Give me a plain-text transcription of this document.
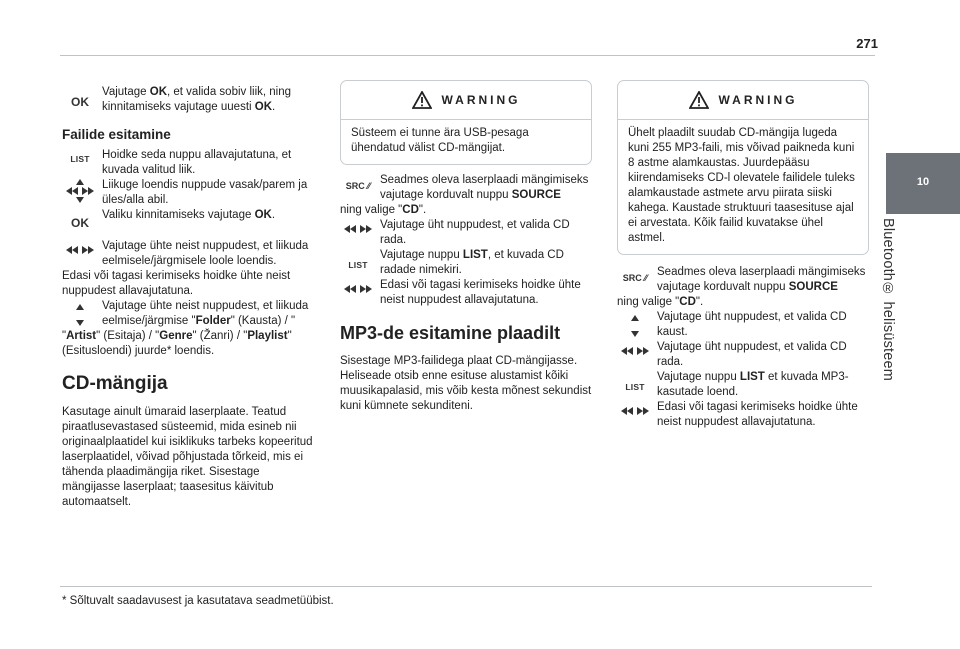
271
10
Bluetooth® helisüsteem
OK
Vajutage OK, et valida sobiv liik, ning kinnitamiseks vajutage uuesti OK.
Failide esitamine
LIST	Hoidke seda nuppu allavajutatuna, et kuvada valitud liik.
Liikuge loendis nuppude vasak/parem ja üles/alla abil.
OK
Valiku kinnitamiseks vajutage OK.
Vajutage ühte neist nuppudest, et liikuda eelmisele/järgmisele loole loendis.
Edasi või tagasi kerimiseks hoidke ühte neist nuppudest allavajutatuna.
Vajutage ühte neist nuppudest, et liikuda eelmise/järgmise "Folder" (Kausta) / "
"Artist" (Esitaja) / "Genre" (Žanri) / "Playlist" (Esitusloendi) juurde* loendis.
CD-mängija
Kasutage ainult ümaraid laserplaate. Teatud piraatlusevastased süsteemid, mida esineb nii originaalplaatidel kui isiklikuks tarbeks kopeeritud laserplaatidel, võivad põhjustada tõrkeid, mis ei tähenda plaadimängija riket. Sisestage mängijasse laserplaat; taasesitus käivitub automaatselt.
WARNING
Süsteem ei tunne ära USB-pesaga ühendatud välist CD-mängijat.
SRC ⁄⁄ Seadmes oleva laserplaadi mängimiseks vajutage korduvalt nuppu SOURCE
ning valige "CD".
Vajutage üht nuppudest, et valida CD rada.
LIST
Vajutage nuppu LIST, et kuvada CD radade nimekiri.
Edasi või tagasi kerimiseks hoidke ühte neist nuppudest allavajutatuna.
MP3-de esitamine plaadilt
Sisestage MP3-failidega plaat CD-mängijasse. Heliseade otsib enne esituse alustamist kõiki muusikapalasid, mis võib kesta mõnest sekundist kuni kümnete sekunditeni.
WARNING
Ühelt plaadilt suudab CD-mängija lugeda kuni 255 MP3-faili, mis võivad paikneda kuni 8 astme alamkaustas. Juurdepääsu kiirendamiseks CD-l olevatele failidele tuleks alamkaustade astmete arvu piirata siiski kahega. Kaustade struktuuri taasesituse ajal ei arvestata. Kõik failid kuvatakse ühel astmel.
SRC ⁄⁄ Seadmes oleva laserplaadi mängimiseks vajutage korduvalt nuppu SOURCE
ning valige "CD".
Vajutage üht nuppudest, et valida CD kaust.
Vajutage üht nuppudest, et valida CD rada.
LIST
Vajutage nuppu LIST et kuvada MP3-kasutade loend.
Edasi või tagasi kerimiseks hoidke ühte neist nuppudest allavajutatuna.
* Sõltuvalt saadavusest ja kasutatava seadmetüübist.
